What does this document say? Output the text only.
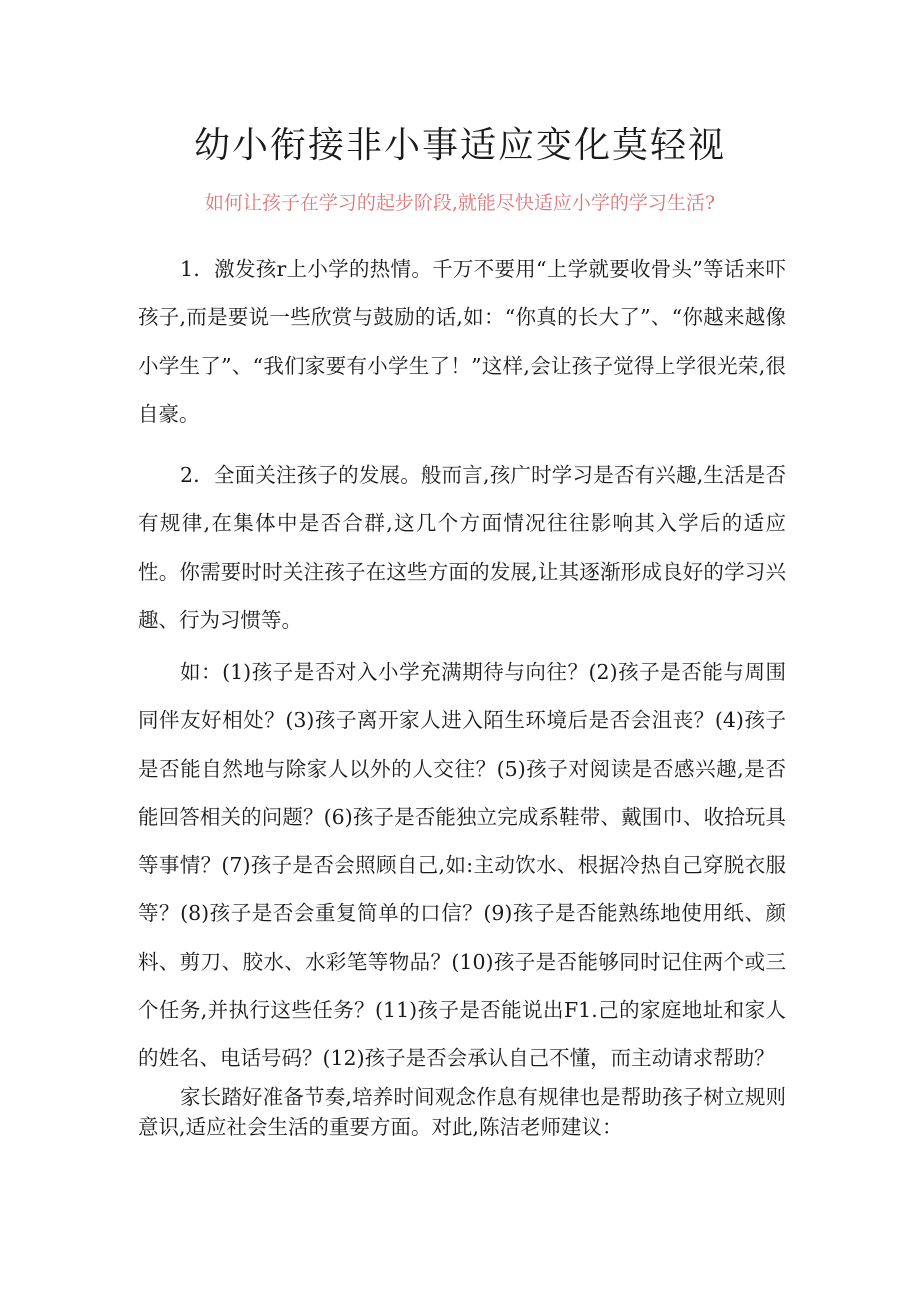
幼小衔接非小事适应变化莫轻视

如何让孩子在学习的起步阶段,就能尽快适应小学的学习生活?

1．激发孩r上小学的热情。千万不要用“上学就要收骨头”等话来吓孩子,而是要说一些欣赏与鼓励的话,如：“你真的长大了”、“你越来越像小学生了”、“我们家要有小学生了！”这样,会让孩子觉得上学很光荣,很自豪。

2．全面关注孩子的发展。般而言,孩广时学习是否有兴趣,生活是否有规律,在集体中是否合群,这几个方面情况往往影响其入学后的适应性。你需要时时关注孩子在这些方面的发展,让其逐渐形成良好的学习兴趣、行为习惯等。

如：(1)孩子是否对入小学充满期待与向往？(2)孩子是否能与周围同伴友好相处？(3)孩子离开家人进入陌生环境后是否会沮丧？(4)孩子是否能自然地与除家人以外的人交往？(5)孩子对阅读是否感兴趣,是否能回答相关的问题？(6)孩子是否能独立完成系鞋带、戴围巾、收拾玩具等事情？(7)孩子是否会照顾自己,如:主动饮水、根据冷热自己穿脱衣服等？(8)孩子是否会重复简单的口信？(9)孩子是否能熟练地使用纸、颜料、剪刀、胶水、水彩笔等物品？(10)孩子是否能够同时记住两个或三个任务,并执行这些任务？(11)孩子是否能说出F1.己的家庭地址和家人的姓名、电话号码？(12)孩子是否会承认自己不懂，而主动请求帮助？

家长踏好准备节奏,培养时间观念作息有规律也是帮助孩子树立规则意识,适应社会生活的重要方面。对此,陈洁老师建议：
